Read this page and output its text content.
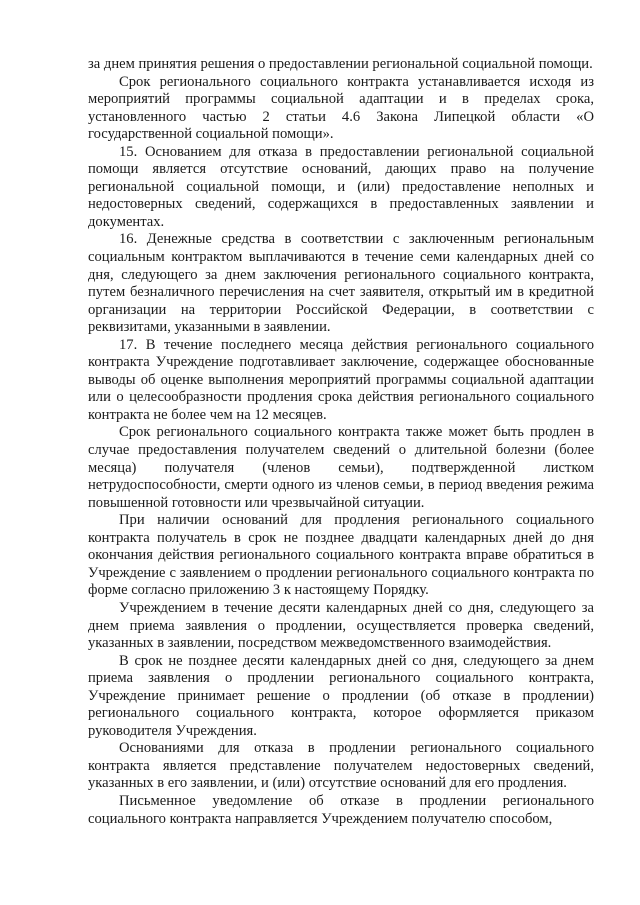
за днем принятия решения о предоставлении региональной социальной помощи.

Срок регионального социального контракта устанавливается исходя из мероприятий программы социальной адаптации и в пределах срока, установленного частью 2 статьи 4.6 Закона Липецкой области «О государственной социальной помощи».

15. Основанием для отказа в предоставлении региональной социальной помощи является отсутствие оснований, дающих право на получение региональной социальной помощи, и (или) предоставление неполных и недостоверных сведений, содержащихся в предоставленных заявлении и документах.

16. Денежные средства в соответствии с заключенным региональным социальным контрактом выплачиваются в течение семи календарных дней со дня, следующего за днем заключения регионального социального контракта, путем безналичного перечисления на счет заявителя, открытый им в кредитной организации на территории Российской Федерации, в соответствии с реквизитами, указанными в заявлении.

17. В течение последнего месяца действия регионального социального контракта Учреждение подготавливает заключение, содержащее обоснованные выводы об оценке выполнения мероприятий программы социальной адаптации или о целесообразности продления срока действия регионального социального контракта не более чем на 12 месяцев.

Срок регионального социального контракта также может быть продлен в случае предоставления получателем сведений о длительной болезни (более месяца) получателя (членов семьи), подтвержденной листком нетрудоспособности, смерти одного из членов семьи, в период введения режима повышенной готовности или чрезвычайной ситуации.

При наличии оснований для продления регионального социального контракта получатель в срок не позднее двадцати календарных дней до дня окончания действия регионального социального контракта вправе обратиться в Учреждение с заявлением о продлении регионального социального контракта по форме согласно приложению 3 к настоящему Порядку.

Учреждением в течение десяти календарных дней со дня, следующего за днем приема заявления о продлении, осуществляется проверка сведений, указанных в заявлении, посредством межведомственного взаимодействия.

В срок не позднее десяти календарных дней со дня, следующего за днем приема заявления о продлении регионального социального контракта, Учреждение принимает решение о продлении (об отказе в продлении) регионального социального контракта, которое оформляется приказом руководителя Учреждения.

Основаниями для отказа в продлении регионального социального контракта является представление получателем недостоверных сведений, указанных в его заявлении, и (или) отсутствие оснований для его продления.

Письменное уведомление об отказе в продлении регионального социального контракта направляется Учреждением получателю способом,
